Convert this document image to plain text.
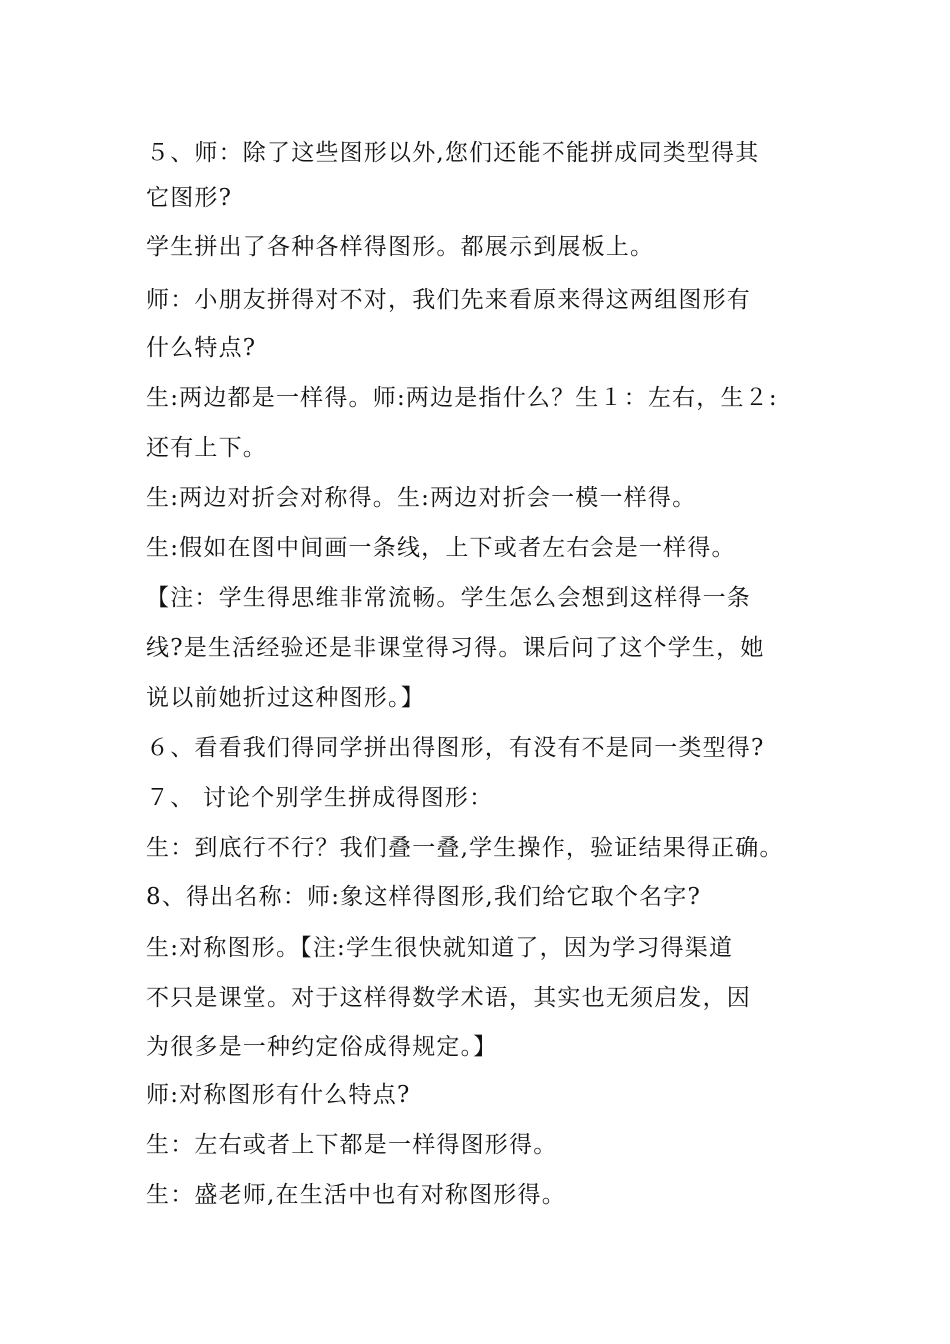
５、师：除了这些图形以外,您们还能不能拼成同类型得其
它图形?
学生拼出了各种各样得图形。都展示到展板上。
师：小朋友拼得对不对，我们先来看原来得这两组图形有
什么特点?
生:两边都是一样得。师:两边是指什么？生１：左右，生２:
还有上下。
生:两边对折会对称得。生:两边对折会一模一样得。
生:假如在图中间画一条线，上下或者左右会是一样得。
【注：学生得思维非常流畅。学生怎么会想到这样得一条
线?是生活经验还是非课堂得习得。课后问了这个学生，她
说以前她折过这种图形。】
６、看看我们得同学拼出得图形，有没有不是同一类型得?
７、 讨论个别学生拼成得图形：
生：到底行不行？我们叠一叠,学生操作，验证结果得正确。
8、得出名称：师:象这样得图形,我们给它取个名字?
生:对称图形。【注:学生很快就知道了，因为学习得渠道
不只是课堂。对于这样得数学术语，其实也无须启发，因
为很多是一种约定俗成得规定。】
师:对称图形有什么特点?
生：左右或者上下都是一样得图形得。
生：盛老师,在生活中也有对称图形得。
